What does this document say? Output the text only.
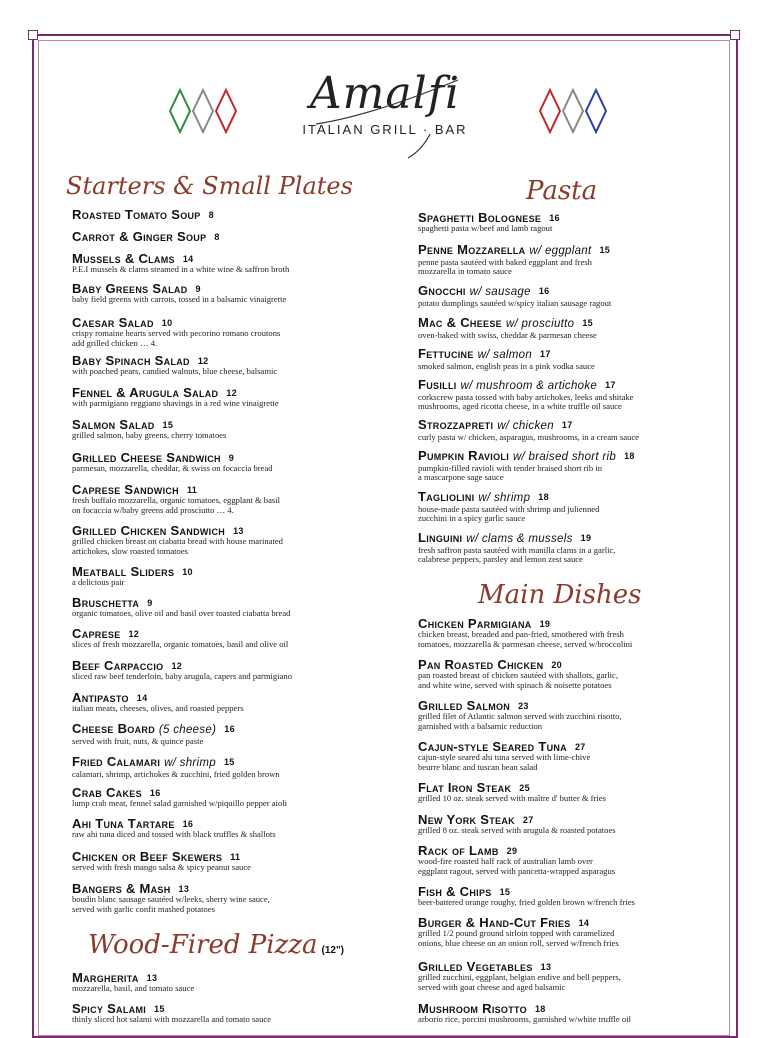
Amalfi
ITALIAN GRILL · BAR
Starters & Small Plates	Pasta
Main Dishes
Wood-Fired Pizza (12")
Roasted Tomato Soup 8
Carrot & Ginger Soup 8
Mussels & Clams 14
P.E.I mussels & clams steamed in a white wine & saffron broth
Baby Greens Salad 9
baby field greens with carrots, tossed in a balsamic vinaigrette
Caesar Salad 10
crispy romaine hearts served with pecorino romano croutons
add grilled chicken … 4.
Baby Spinach Salad 12
with poached pears, candied walnuts, blue cheese, balsamic
Fennel & Arugula Salad 12
with parmigiano reggiano shavings in a red wine vinaigrette
Salmon Salad 15
grilled salmon, baby greens, cherry tomatoes
Grilled Cheese Sandwich 9
parmesan, mozzarella, cheddar, & swiss on focaccia bread
Caprese Sandwich 11
fresh buffalo mozzarella, organic tomatoes, eggplant & basil
on focaccia w/baby greens add prosciutto … 4.
Grilled Chicken Sandwich 13
grilled chicken breast on ciabatta bread with house marinated
artichokes, slow roasted tomatoes
Meatball Sliders 10
a delicious pair
Bruschetta 9
organic tomatoes, olive oil and basil over toasted ciabatta bread
Caprese 12
slices of fresh mozzarella, organic tomatoes, basil and olive oil
Beef Carpaccio 12
sliced raw beef tenderloin, baby arugula, capers and parmigiano
Antipasto 14
italian meats, cheeses, olives, and roasted peppers
Cheese Board (5 cheese) 16
served with fruit, nuts, & quince paste
Fried Calamari w/ shrimp 15
calamari, shrimp, artichokes & zucchini, fried golden brown
Crab Cakes 16
lump crab meat, fennel salad garnished w/piquillo pepper aioli
Ahi Tuna Tartare 16
raw ahi tuna diced and tossed with black truffles & shallots
Chicken or Beef Skewers 11
served with fresh mango salsa & spicy peanut sauce
Bangers & Mash 13
boudin blanc sausage sautéed w/leeks, sherry wine sauce,
served with garlic confit mashed potatoes
Margherita 13
mozzarella, basil, and tomato sauce
Spicy Salami 15
thinly sliced hot salami with mozzarella and tomato sauce
Spaghetti Bolognese 16
spaghetti pasta w/beef and lamb ragout
Penne Mozzarella w/ eggplant 15
penne pasta sautéed with baked eggplant and fresh
mozzarella in tomato sauce
Gnocchi w/ sausage 16
potato dumplings sautéed w/spicy italian sausage ragout
Mac & Cheese w/ prosciutto 15
oven-baked with swiss, cheddar & parmesan cheese
Fettucine w/ salmon 17
smoked salmon, english peas in a pink vodka sauce
Fusilli w/ mushroom & artichoke 17
corkscrew pasta tossed with baby artichokes, leeks and shitake
mushrooms, aged ricotta cheese, in a white truffle oil sauce
Strozzapreti w/ chicken 17
curly pasta w/ chicken, asparagus, mushrooms, in a cream sauce
Pumpkin Ravioli w/ braised short rib 18
pumpkin-filled ravioli with tender braised short rib in
a mascarpone sage sauce
Tagliolini w/ shrimp 18
house-made pasta sautéed with shrimp and julienned
zucchini in a spicy garlic sauce
Linguini w/ clams & mussels 19
fresh saffron pasta sautéed with manilla clams in a garlic,
calabrese peppers, parsley and lemon zest sauce
Chicken Parmigiana 19
chicken breast, breaded and pan-fried, smothered with fresh
tomatoes, mozzarella & parmesan cheese, served w/broccolini
Pan Roasted Chicken 20
pan roasted breast of chicken sautéed with shallots, garlic,
and white wine, served with spinach & noisette potatoes
Grilled Salmon 23
grilled filet of Atlantic salmon served with zucchini risotto,
garnished with a balsamic reduction
Cajun-style Seared Tuna 27
cajun-style seared ahi tuna served with lime-chive
beurre blanc and tuscan bean salad
Flat Iron Steak 25
grilled 10 oz. steak served with maître d' butter & fries
New York Steak 27
grilled 8 oz. steak served with arugula & roasted potatoes
Rack of Lamb 29
wood-fire roasted half rack of australian lamb over
eggplant ragout, served with pancetta-wrapped asparagus
Fish & Chips 15
beer-battered orange roughy, fried golden brown w/french fries
Burger & Hand-Cut Fries 14
grilled 1/2 pound ground sirloin topped with caramelized
onions, blue cheese on an onion roll, served w/french fries
Grilled Vegetables 13
grilled zucchini, eggplant, belgian endive and bell peppers,
served with goat cheese and aged balsamic
Mushroom Risotto 18
arborio rice, porcini mushrooms, garnished w/white truffle oil
